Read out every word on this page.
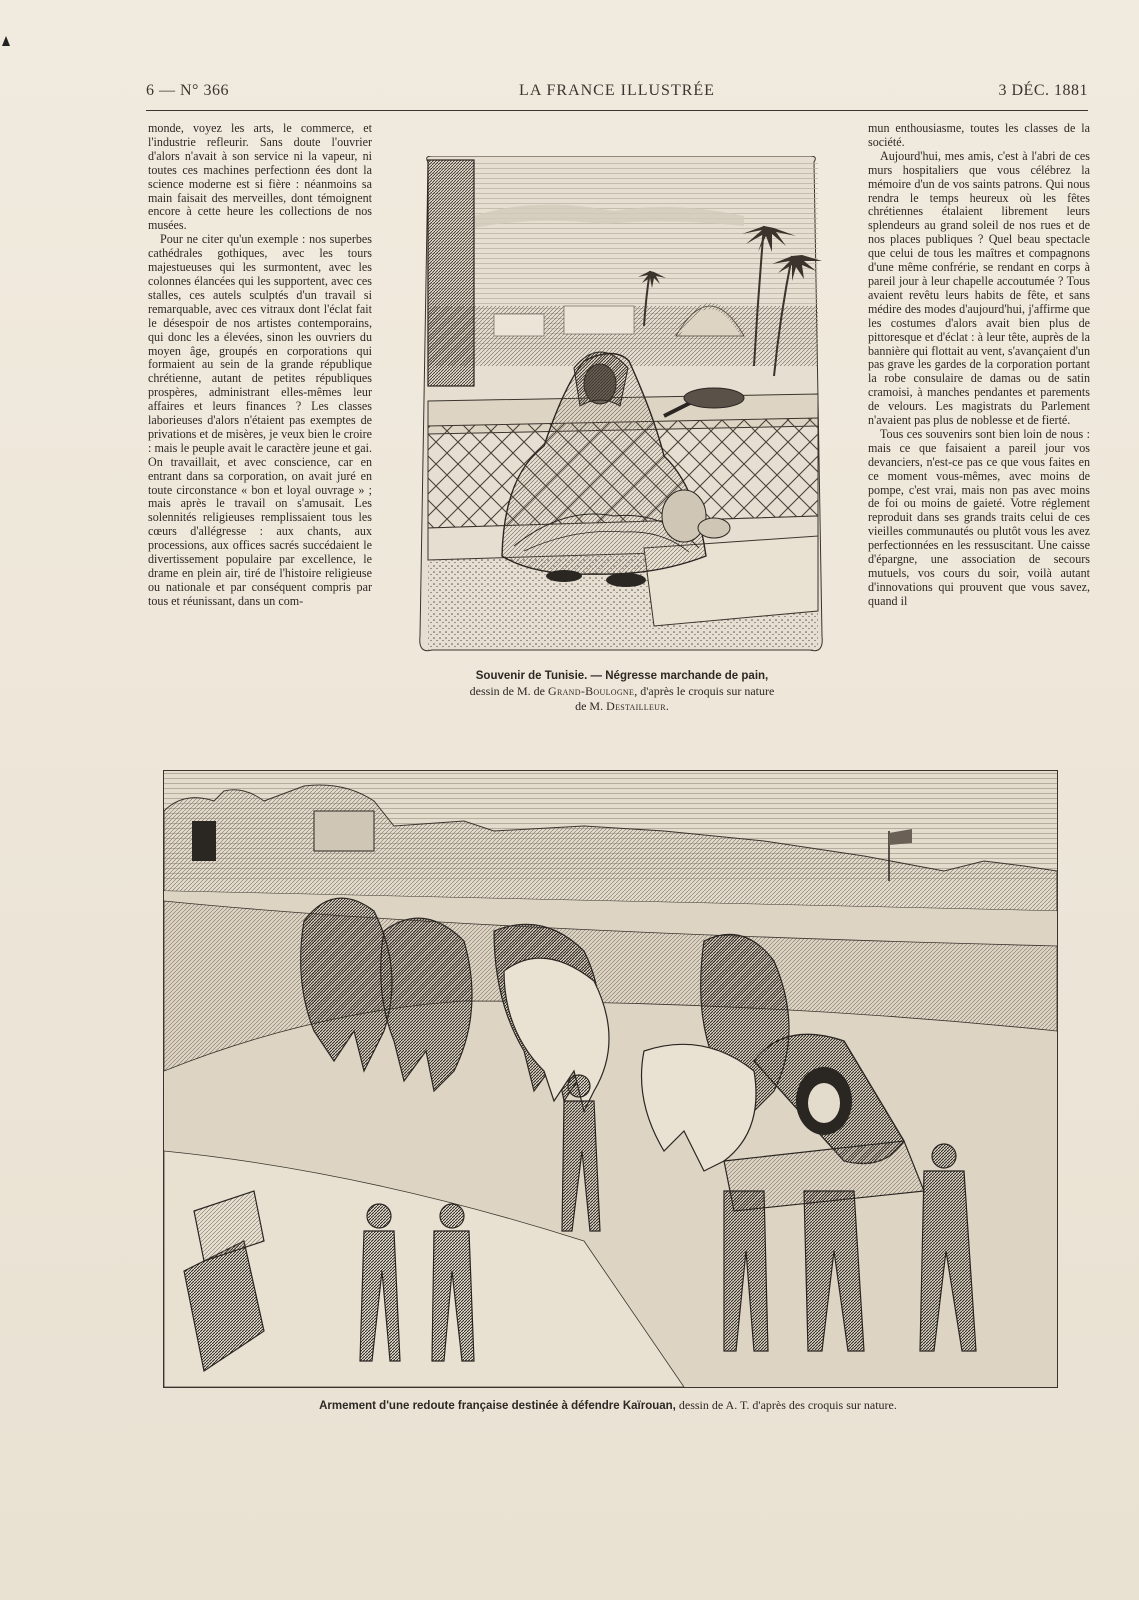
6 — N° 366	LA FRANCE ILLUSTRÉE	3 DÉC. 1881

monde, voyez les arts, le commerce, et l'industrie refleurir. Sans doute l'ouvrier d'alors n'avait à son service ni la vapeur, ni toutes ces machines perfectionn ées dont la science moderne est si fière : néanmoins sa main faisait des merveilles, dont témoignent encore à cette heure les collections de nos musées.

Pour ne citer qu'un exemple : nos superbes cathédrales gothiques, avec les tours majestueuses qui les surmontent, avec les colonnes élancées qui les supportent, avec ces stalles, ces autels sculptés d'un travail si remarquable, avec ces vitraux dont l'éclat fait le désespoir de nos artistes contemporains, qui donc les a élevées, sinon les ouvriers du moyen âge, groupés en corporations qui formaient au sein de la grande république chrétienne, autant de petites républiques prospères, administrant elles-mêmes leur affaires et leurs finances ? Les classes laborieuses d'alors n'étaient pas exemptes de privations et de misères, je veux bien le croire : mais le peuple avait le caractère jeune et gai. On travaillait, et avec conscience, car en entrant dans sa corporation, on avait juré en toute circonstance « bon et loyal ouvrage » ; mais après le travail on s'amusait. Les solennités religieuses remplissaient tous les cœurs d'allégresse : aux chants, aux processions, aux offices sacrés succédaient le divertissement populaire par excellence, le drame en plein air, tiré de l'histoire religieuse ou nationale et par conséquent compris par tous et réunissant, dans un com-

mun enthousiasme, toutes les classes de la société.

Aujourd'hui, mes amis, c'est à l'abri de ces murs hospitaliers que vous célébrez la mémoire d'un de vos saints patrons. Qui nous rendra le temps heureux où les fêtes chrétiennes étalaient librement leurs splendeurs au grand soleil de nos rues et de nos places publiques ? Quel beau spectacle que celui de tous les maîtres et compagnons d'une même confrérie, se rendant en corps à pareil jour à leur chapelle accoutumée ? Tous avaient revêtu leurs habits de fête, et sans médire des modes d'aujourd'hui, j'affirme que les costumes d'alors avait bien plus de pittoresque et d'éclat : à leur tête, auprès de la bannière qui flottait au vent, s'avançaient d'un pas grave les gardes de la corporation portant la robe consulaire de damas ou de satin cramoisi, à manches pendantes et parements de velours. Les magistrats du Parlement n'avaient pas plus de noblesse et de fierté.

Tous ces souvenirs sont bien loin de nous : mais ce que faisaient a pareil jour vos devanciers, n'est-ce pas ce que vous faites en ce moment vous-mêmes, avec moins de pompe, c'est vrai, mais non pas avec moins de foi ou moins de gaieté. Votre réglement reproduit dans ses grands traits celui de ces vieilles communautés ou plutôt vous les avez perfectionnées en les ressuscitant. Une caisse d'épargne, une association de secours mutuels, vos cours du soir, voilà autant d'innovations qui prouvent que vous savez, quand il

Souvenir de Tunisie. — Négresse marchande de pain,
dessin de M. de Grand-Boulogne, d'après le croquis sur nature
de M. Destailleur.
Armement d'une redoute française destinée à défendre Kaïrouan, dessin de A. T. d'après des croquis sur nature.
